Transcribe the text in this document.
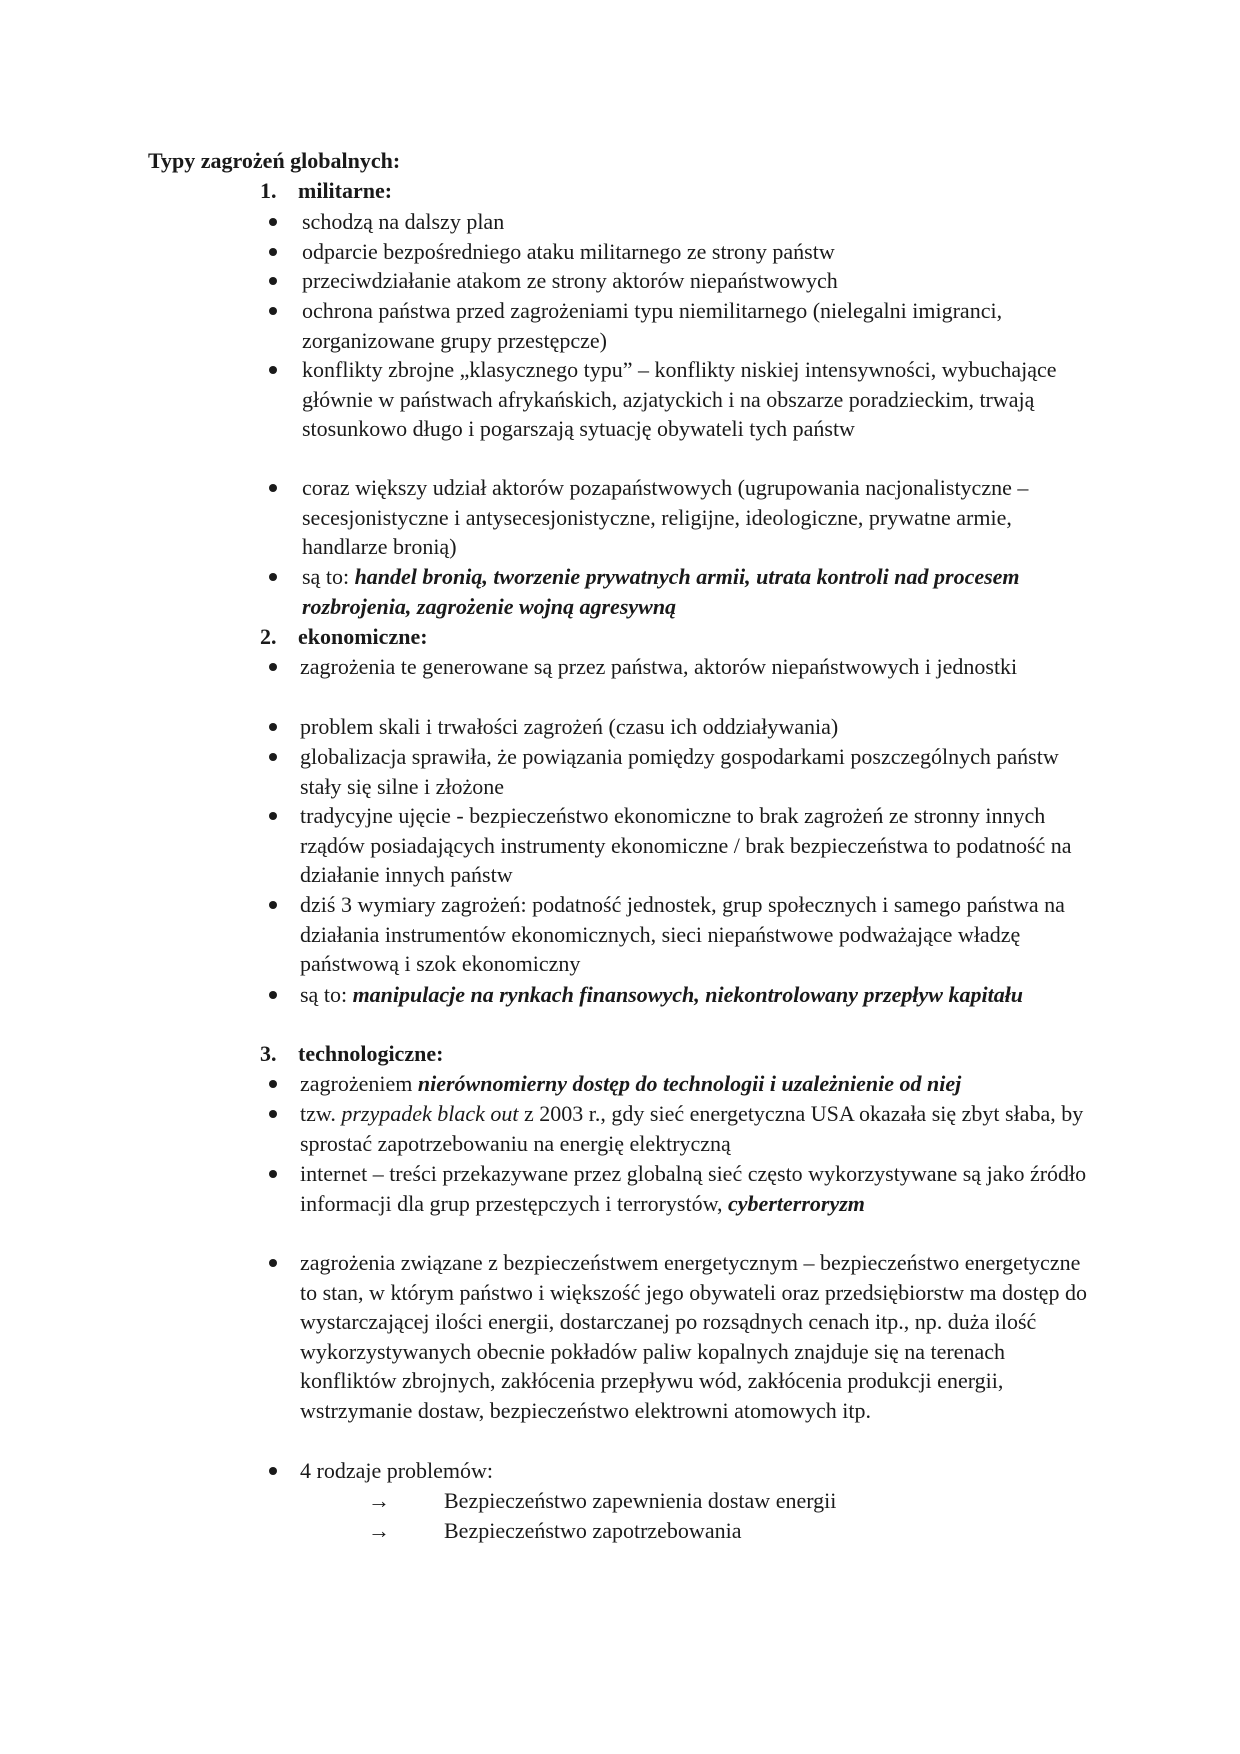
Typy zagrożeń globalnych:
1. militarne:
schodzą na dalszy plan
odparcie bezpośredniego ataku militarnego ze strony państw
przeciwdziałanie atakom ze strony aktorów niepaństwowych
ochrona państwa przed zagrożeniami typu niemilitarnego (nielegalni imigranci, zorganizowane grupy przestępcze)
konflikty zbrojne „klasycznego typu” – konflikty niskiej intensywności, wybuchające głównie w państwach afrykańskich, azjatyckich i na obszarze poradzieckim, trwają stosunkowo długo i pogarszają sytuację obywateli tych państw
coraz większy udział aktorów pozapaństwowych (ugrupowania nacjonalistyczne – secesjonistyczne i antysecesjonistyczne, religijne, ideologiczne, prywatne armie, handlarze bronią)
są to: handel bronią, tworzenie prywatnych armii, utrata kontroli nad procesem rozbrojenia, zagrożenie wojną agresywną
2. ekonomiczne:
zagrożenia te generowane są przez państwa, aktorów niepaństwowych i jednostki
problem skali i trwałości zagrożeń (czasu ich oddziaływania)
globalizacja sprawiła, że powiązania pomiędzy gospodarkami poszczególnych państw stały się silne i złożone
tradycyjne ujęcie - bezpieczeństwo ekonomiczne to brak zagrożeń ze stronny innych rządów posiadających instrumenty ekonomiczne / brak bezpieczeństwa to podatność na działanie innych państw
dziś 3 wymiary zagrożeń: podatność jednostek, grup społecznych i samego państwa na działania instrumentów ekonomicznych, sieci niepaństwowe podważające władzę państwową i szok ekonomiczny
są to: manipulacje na rynkach finansowych, niekontrolowany przepływ kapitału
3. technologiczne:
zagrożeniem nierównomierny dostęp do technologii i uzależnienie od niej
tzw. przypadek black out z 2003 r., gdy sieć energetyczna USA okazała się zbyt słaba, by sprostać zapotrzebowaniu na energię elektryczną
internet – treści przekazywane przez globalną sieć często wykorzystywane są jako źródło informacji dla grup przestępczych i terrorystów, cyberterroryzm
zagrożenia związane z bezpieczeństwem energetycznym – bezpieczeństwo energetyczne to stan, w którym państwo i większość jego obywateli oraz przedsiębiorstw ma dostęp do wystarczającej ilości energii, dostarczanej po rozsądnych cenach itp., np. duża ilość wykorzystywanych obecnie pokładów paliw kopalnych znajduje się na terenach konfliktów zbrojnych, zakłócenia przepływu wód, zakłócenia produkcji energii, wstrzymanie dostaw, bezpieczeństwo elektrowni atomowych itp.
4 rodzaje problemów:
→ Bezpieczeństwo zapewnienia dostaw energii
→ Bezpieczeństwo zapotrzebowania
